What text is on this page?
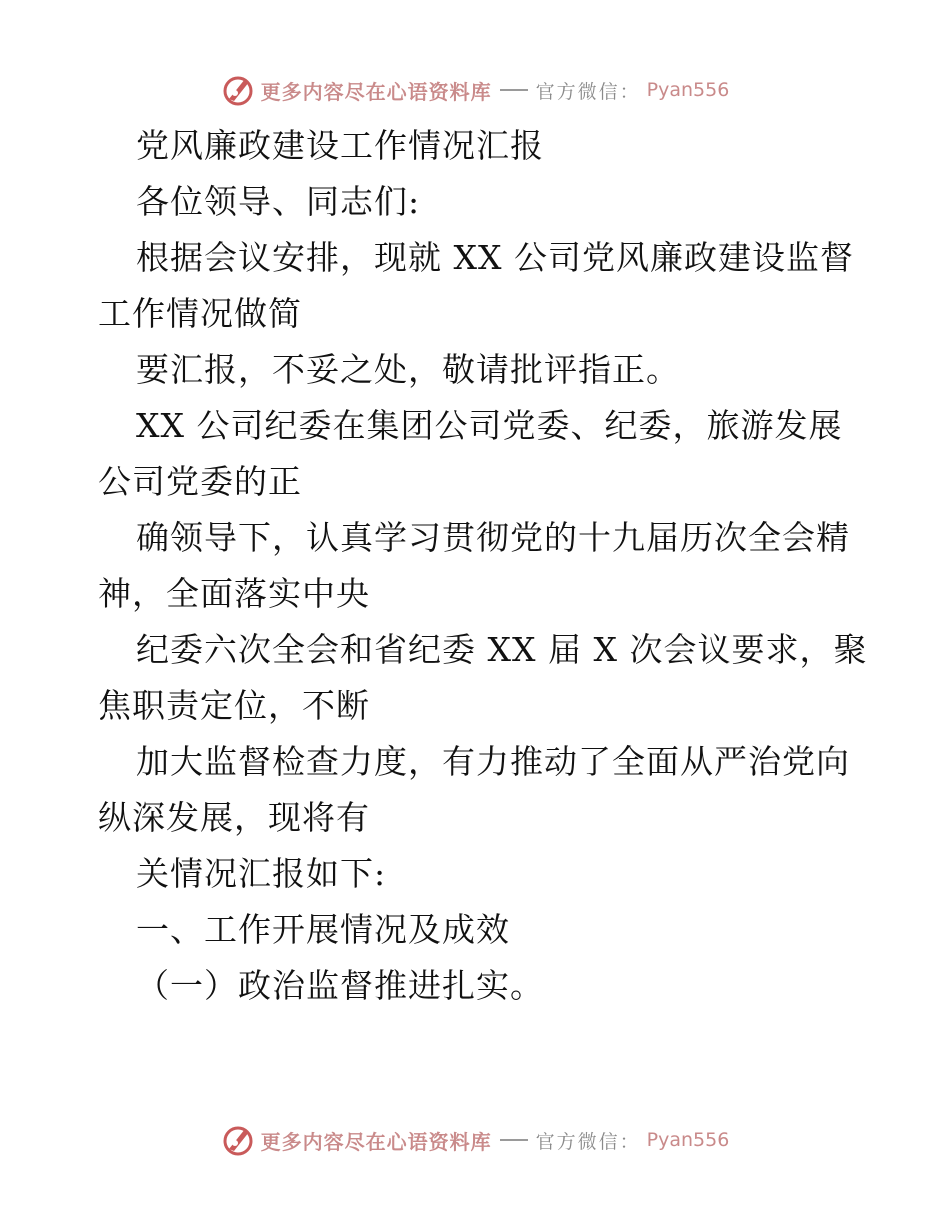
更多内容尽在心语资料库 官方微信： Pyan556
党风廉政建设工作情况汇报
各位领导、同志们:
根据会议安排，现就 XX 公司党风廉政建设监督
工作情况做简
要汇报，不妥之处，敬请批评指正。
XX 公司纪委在集团公司党委、纪委，旅游发展
公司党委的正
确领导下，认真学习贯彻党的十九届历次全会精
神，全面落实中央
纪委六次全会和省纪委 XX 届 X 次会议要求，聚
焦职责定位，不断
加大监督检查力度，有力推动了全面从严治党向
纵深发展，现将有
关情况汇报如下:
一、工作开展情况及成效
（一）政治监督推进扎实。
更多内容尽在心语资料库 官方微信： Pyan556
